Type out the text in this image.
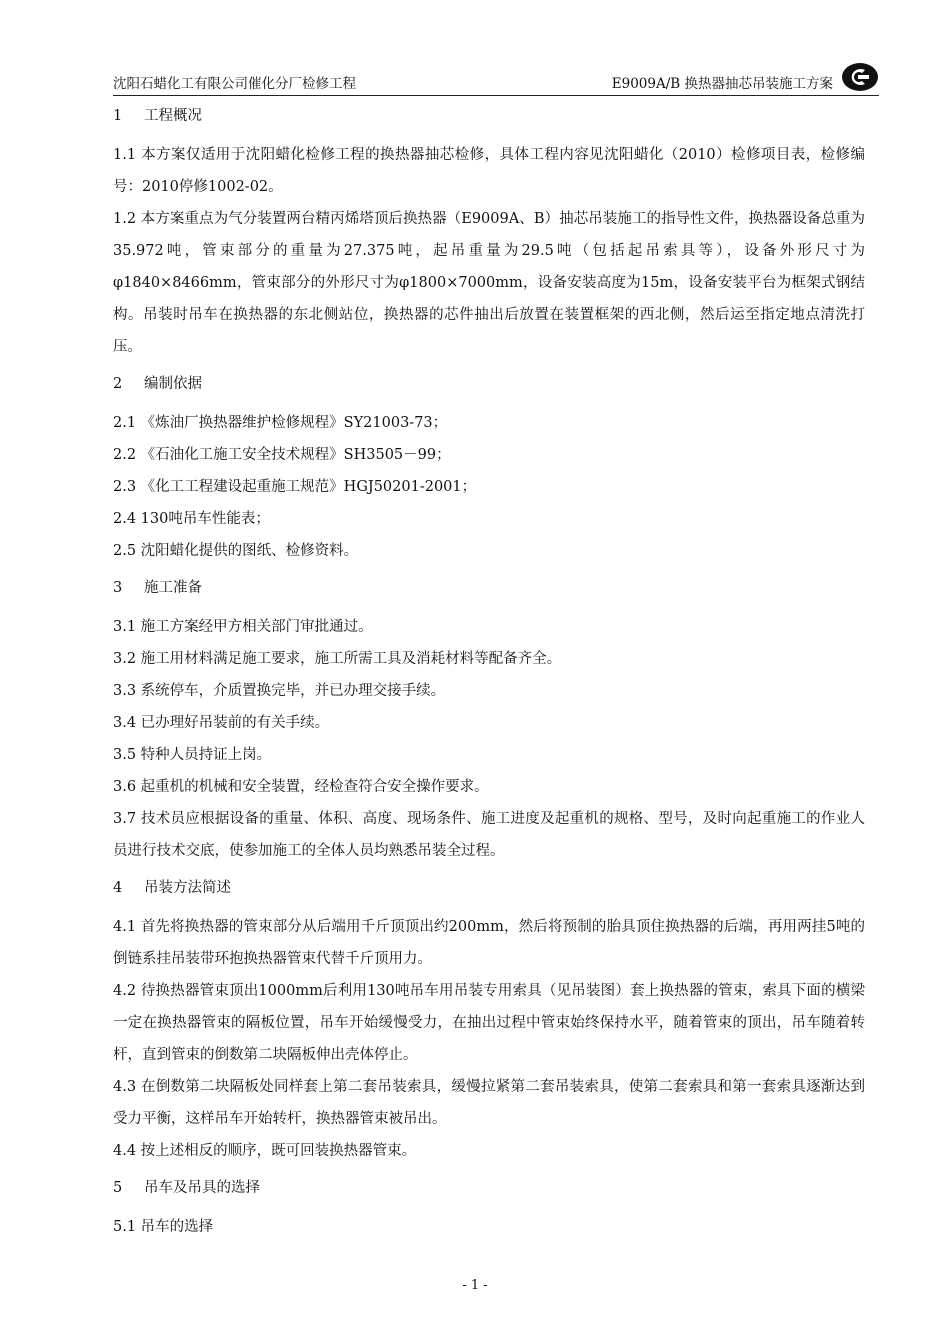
沈阳石蜡化工有限公司催化分厂检修工程	E9009A/B 换热器抽芯吊装施工方案
1 工程概况

1.1 本方案仅适用于沈阳蜡化检修工程的换热器抽芯检修，具体工程内容见沈阳蜡化（2010）检修项目表，检修编号：2010停修1002-02。

1.2 本方案重点为气分装置两台精丙烯塔顶后换热器（E9009A、B）抽芯吊装施工的指导性文件，换热器设备总重为35.972吨，管束部分的重量为27.375吨，起吊重量为29.5吨（包括起吊索具等），设备外形尺寸为φ1840×8466mm，管束部分的外形尺寸为φ1800×7000mm，设备安装高度为15m，设备安装平台为框架式钢结构。吊装时吊车在换热器的东北侧站位，换热器的芯件抽出后放置在装置框架的西北侧，然后运至指定地点清洗打压。

2 编制依据

2.1 《炼油厂换热器维护检修规程》SY21003-73；

2.2 《石油化工施工安全技术规程》SH3505－99；

2.3 《化工工程建设起重施工规范》HGJ50201-2001；

2.4 130吨吊车性能表；

2.5 沈阳蜡化提供的图纸、检修资料。

3 施工准备

3.1 施工方案经甲方相关部门审批通过。

3.2 施工用材料满足施工要求，施工所需工具及消耗材料等配备齐全。

3.3 系统停车，介质置换完毕，并已办理交接手续。

3.4 已办理好吊装前的有关手续。

3.5 特种人员持证上岗。

3.6 起重机的机械和安全装置，经检查符合安全操作要求。

3.7 技术员应根据设备的重量、体积、高度、现场条件、施工进度及起重机的规格、型号，及时向起重施工的作业人员进行技术交底，使参加施工的全体人员均熟悉吊装全过程。

4 吊装方法简述

4.1 首先将换热器的管束部分从后端用千斤顶顶出约200mm，然后将预制的胎具顶住换热器的后端，再用两挂5吨的倒链系挂吊装带环抱换热器管束代替千斤顶用力。

4.2 待换热器管束顶出1000mm后利用130吨吊车用吊装专用索具（见吊装图）套上换热器的管束，索具下面的横梁一定在换热器管束的隔板位置，吊车开始缓慢受力，在抽出过程中管束始终保持水平，随着管束的顶出，吊车随着转杆，直到管束的倒数第二块隔板伸出壳体停止。

4.3 在倒数第二块隔板处同样套上第二套吊装索具，缓慢拉紧第二套吊装索具，使第二套索具和第一套索具逐渐达到受力平衡，这样吊车开始转杆，换热器管束被吊出。

4.4 按上述相反的顺序，既可回装换热器管束。

5 吊车及吊具的选择

5.1 吊车的选择

- 1 -
